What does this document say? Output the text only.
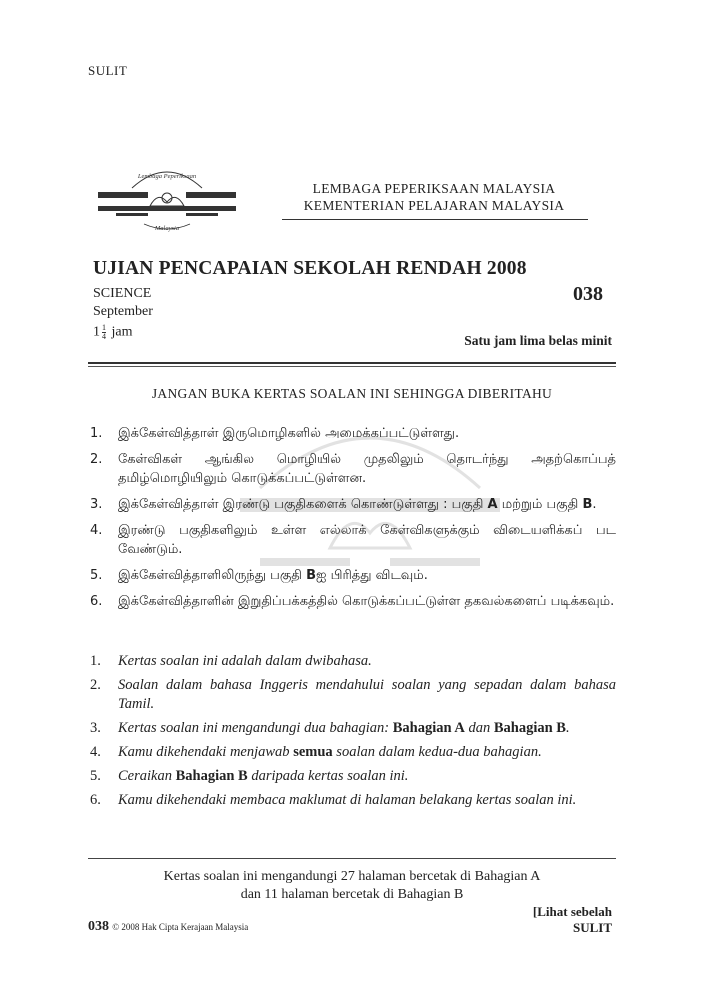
SULIT
Lembaga Peperiksaan
Malaysia
LEMBAGA PEPERIKSAAN MALAYSIA
KEMENTERIAN PELAJARAN MALAYSIA
UJIAN PENCAPAIAN SEKOLAH RENDAH 2008
SCIENCE
September
$1 \frac{1}{4}$ jam
038
Satu jam lima belas minit
JANGAN BUKA KERTAS SOALAN INI SEHINGGA DIBERITAHU
1. இக்கேள்வித்தாள் இருமொழிகளில் அமைக்கப்பட்டுள்ளது.
2. கேள்விகள் ஆங்கில மொழியில் முதலிலும் தொடர்ந்து அதற்கொப்பத் தமிழ்மொழியிலும் கொடுக்கப்பட்டுள்ளன.
3. இக்கேள்வித்தாள் இரண்டு பகுதிகளைக் கொண்டுள்ளது : பகுதி A மற்றும் பகுதி B.
4. இரண்டு பகுதிகளிலும் உள்ள எல்லாக் கேள்விகளுக்கும் விடையளிக்கப் பட வேண்டும்.
5. இக்கேள்வித்தாளிலிருந்து பகுதி Bஐ பிரித்து விடவும்.
6. இக்கேள்வித்தாளின் இறுதிப்பக்கத்தில் கொடுக்கப்பட்டுள்ள தகவல்களைப் படிக்கவும்.
1. Kertas soalan ini adalah dalam dwibahasa.
2. Soalan dalam bahasa Inggeris mendahului soalan yang sepadan dalam bahasa Tamil.
3. Kertas soalan ini mengandungi dua bahagian: Bahagian A dan Bahagian B.
4. Kamu dikehendaki menjawab semua soalan dalam kedua-dua bahagian.
5. Ceraikan Bahagian B daripada kertas soalan ini.
6. Kamu dikehendaki membaca maklumat di halaman belakang kertas soalan ini.
Kertas soalan ini mengandungi 27 halaman bercetak di Bahagian A
dan 11 halaman bercetak di Bahagian B
038 © 2008 Hak Cipta Kerajaan Malaysia
[Lihat sebelah
SULIT
